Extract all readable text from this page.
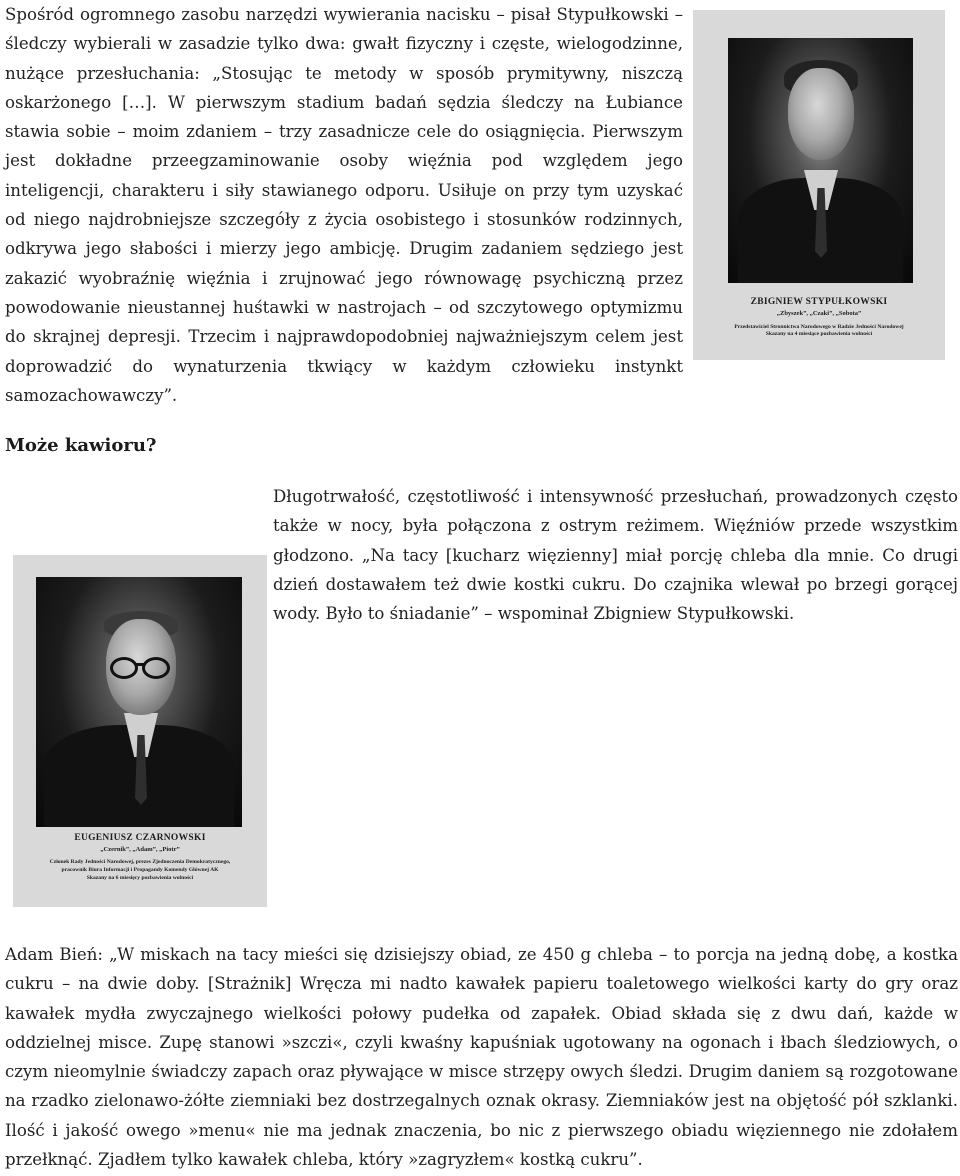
Spośród ogromnego zasobu narzędzi wywierania nacisku – pisał Stypułkowski – śledczy wybierali w zasadzie tylko dwa: gwałt fizyczny i częste, wielogodzinne, nużące przesłuchania: „Stosując te metody w sposób prymitywny, niszczą oskarżonego […]. W pierwszym stadium badań sędzia śledczy na Łubiance stawia sobie – moim zdaniem – trzy zasadnicze cele do osiągnięcia. Pierwszym jest dokładne przeegzaminowanie osoby więźnia pod względem jego inteligencji, charakteru i siły stawianego odporu. Usiłuje on przy tym uzyskać od niego najdrobniejsze szczegóły z życia osobistego i stosunków rodzinnych, odkrywa jego słabości i mierzy jego ambicję. Drugim zadaniem sędziego jest zakazić wyobraźnię więźnia i zrujnować jego równowagę psychiczną przez powodowanie nieustannej huśtawki w nastrojach – od szczytowego optymizmu do skrajnej depresji. Trzecim i najprawdopodobniej najważniejszym celem jest doprowadzić do wynaturzenia tkwiący w każdym człowieku instynkt samozachowawczy”.

Może kawioru?

Długotrwałość, częstotliwość i intensywność przesłuchań, prowadzonych często także w nocy, była połączona z ostrym reżimem. Więźniów przede wszystkim głodzono. „Na tacy [kucharz więzienny] miał porcję chleba dla mnie. Co drugi dzień dostawałem też dwie kostki cukru. Do czajnika wlewał po brzegi gorącej wody. Było to śniadanie” – wspominał Zbigniew Stypułkowski.

Adam Bień: „W miskach na tacy mieści się dzisiejszy obiad, ze 450 g chleba – to porcja na jedną dobę, a kostka cukru – na dwie doby. [Strażnik] Wręcza mi nadto kawałek papieru toaletowego wielkości karty do gry oraz kawałek mydła zwyczajnego wielkości połowy pudełka od zapałek. Obiad składa się z dwu dań, każde w oddzielnej misce. Zupę stanowi »szczi«, czyli kwaśny kapuśniak ugotowany na ogonach i łbach śledziowych, o czym nieomylnie świadczy zapach oraz pływające w misce strzępy owych śledzi. Drugim daniem są rozgotowane na rzadko zielonawo-żółte ziemniaki bez dostrzegalnych oznak okrasy. Ziemniaków jest na objętość pół szklanki. Ilość i jakość owego »menu« nie ma jednak znaczenia, bo nic z pierwszego obiadu więziennego nie zdołałem przełknąć. Zjadłem tylko kawałek chleba, który »zagryzłem« kostką cukru”.

ZBIGNIEW STYPUŁKOWSKI
„Zbyszek”, „Czaki”, „Sobota”
Przedstawiciel Stronnictwa Narodowego w Radzie Jedności Narodowej
Skazany na 4 miesiące pozbawienia wolności
EUGENIUSZ CZARNOWSKI
„Czernik”, „Adam”, „Piotr”
Członek Rady Jedności Narodowej, prezes Zjednoczenia Demokratycznego,
pracownik Biura Informacji i Propagandy Komendy Głównej AK
Skazany na 6 miesięcy pozbawienia wolności
